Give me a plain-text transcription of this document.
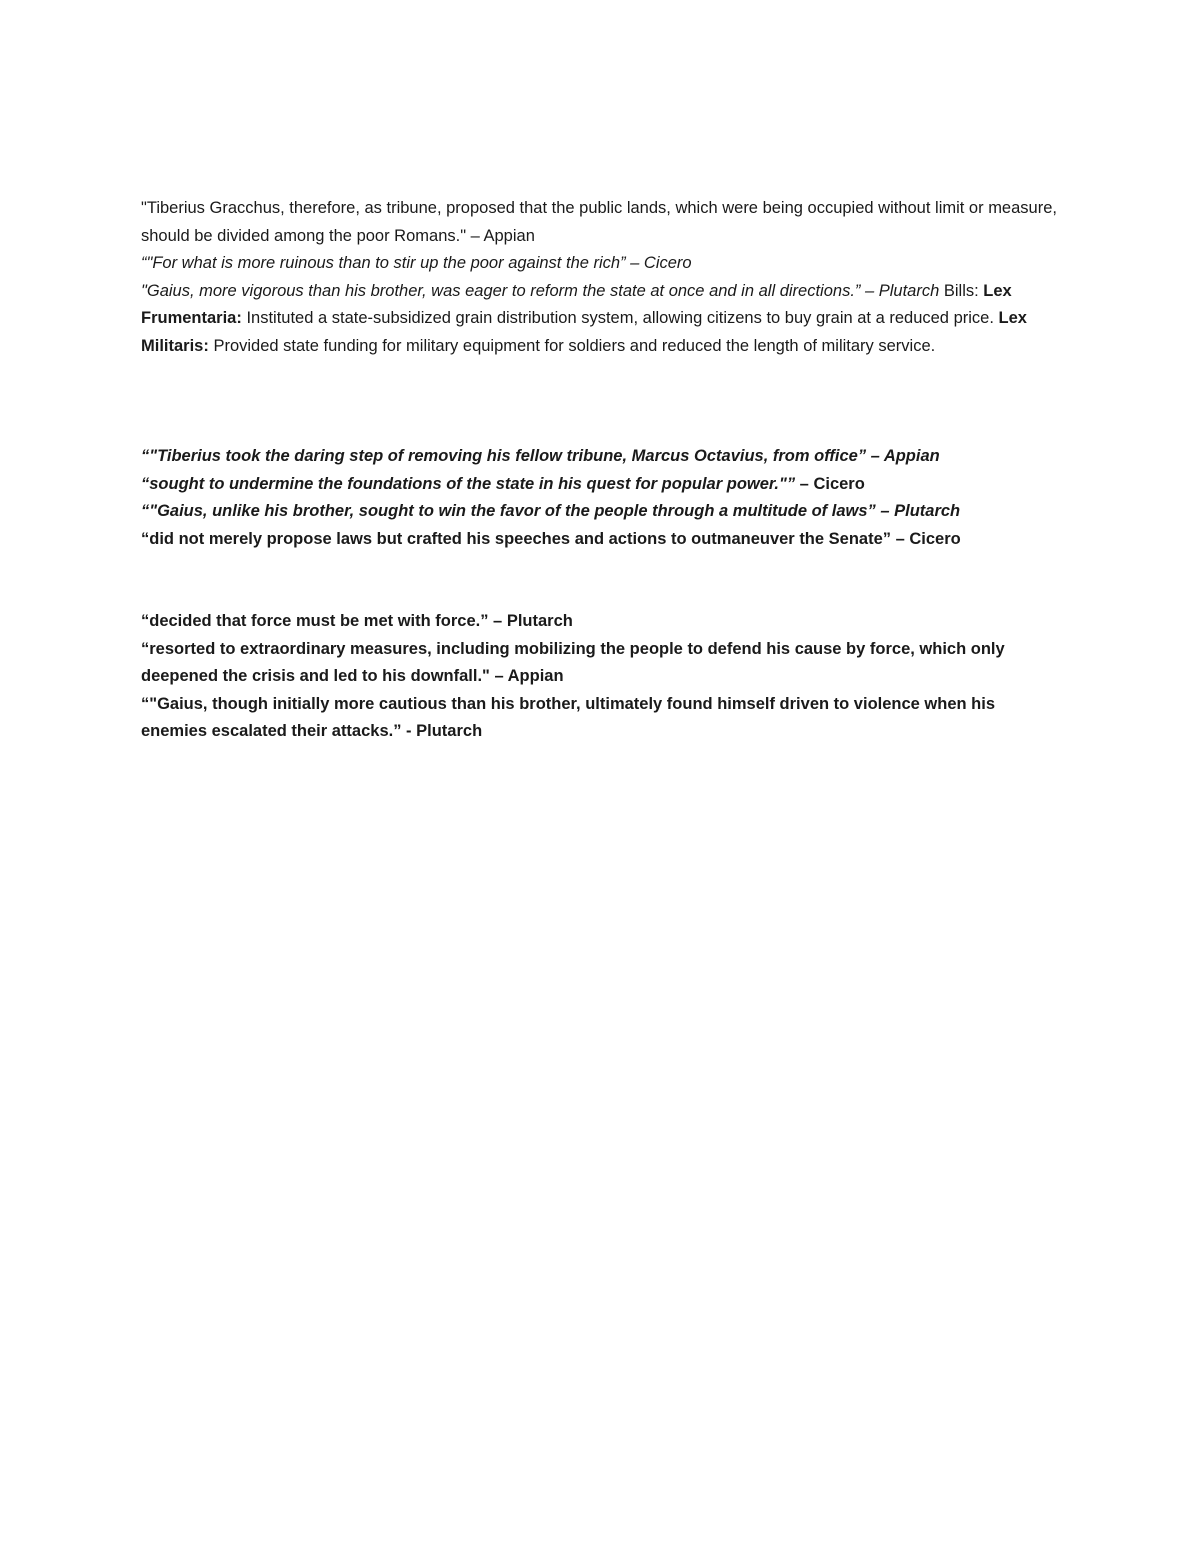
"Tiberius Gracchus, therefore, as tribune, proposed that the public lands, which were being occupied without limit or measure, should be divided among the poor Romans." – Appian
“"For what is more ruinous than to stir up the poor against the rich” – Cicero
"Gaius, more vigorous than his brother, was eager to reform the state at once and in all directions.” – Plutarch Bills: Lex Frumentaria: Instituted a state-subsidized grain distribution system, allowing citizens to buy grain at a reduced price. Lex Militaris: Provided state funding for military equipment for soldiers and reduced the length of military service.
“"Tiberius took the daring step of removing his fellow tribune, Marcus Octavius, from office” – Appian
“sought to undermine the foundations of the state in his quest for popular power."” – Cicero
“"Gaius, unlike his brother, sought to win the favor of the people through a multitude of laws” – Plutarch
“did not merely propose laws but crafted his speeches and actions to outmaneuver the Senate” – Cicero
“decided that force must be met with force.” – Plutarch
“resorted to extraordinary measures, including mobilizing the people to defend his cause by force, which only deepened the crisis and led to his downfall." – Appian
“"Gaius, though initially more cautious than his brother, ultimately found himself driven to violence when his enemies escalated their attacks.” - Plutarch
